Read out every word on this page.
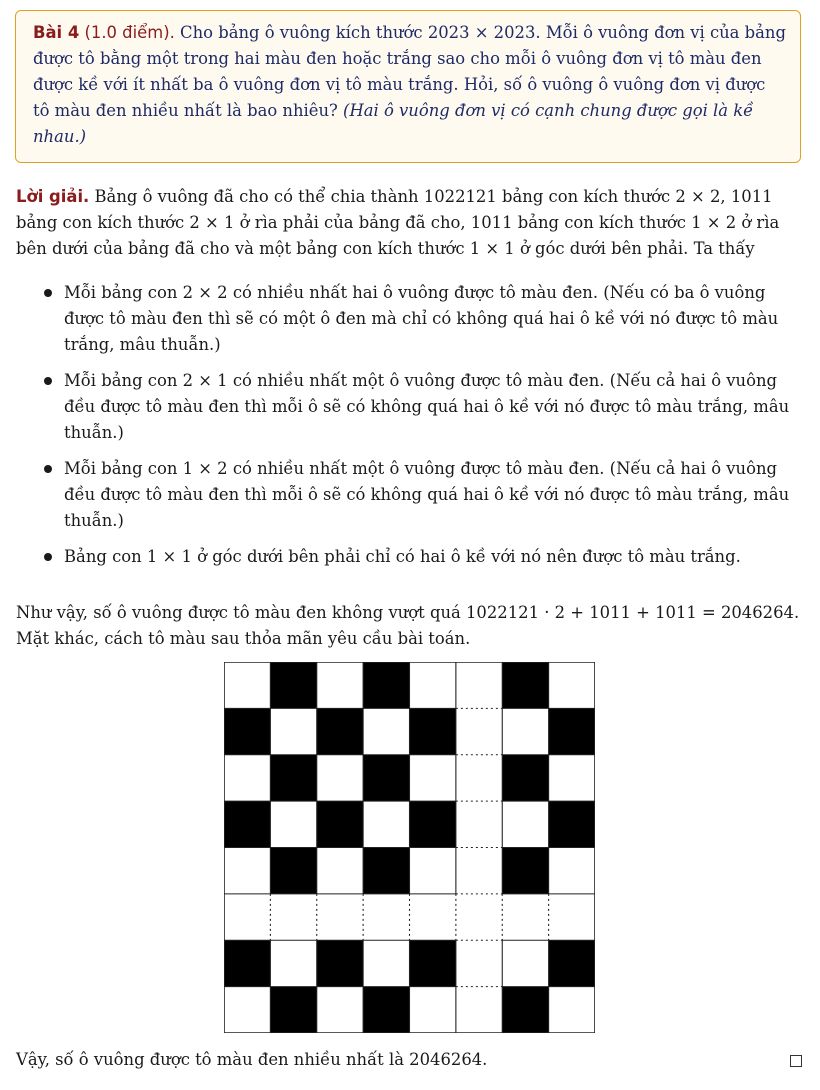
Bài 4 (1.0 điểm). Cho bảng ô vuông kích thước 2023 × 2023. Mỗi ô vuông đơn vị của bảng được tô bằng một trong hai màu đen hoặc trắng sao cho mỗi ô vuông đơn vị tô màu đen được kề với ít nhất ba ô vuông đơn vị tô màu trắng. Hỏi, số ô vuông ô vuông đơn vị được tô màu đen nhiều nhất là bao nhiêu? (Hai ô vuông đơn vị có cạnh chung được gọi là kề nhau.)
Lời giải. Bảng ô vuông đã cho có thể chia thành 1022121 bảng con kích thước 2 × 2, 1011 bảng con kích thước 2 × 1 ở rìa phải của bảng đã cho, 1011 bảng con kích thước 1 × 2 ở rìa bên dưới của bảng đã cho và một bảng con kích thước 1 × 1 ở góc dưới bên phải. Ta thấy
Mỗi bảng con 2 × 2 có nhiều nhất hai ô vuông được tô màu đen. (Nếu có ba ô vuông được tô màu đen thì sẽ có một ô đen mà chỉ có không quá hai ô kề với nó được tô màu trắng, mâu thuẫn.)
Mỗi bảng con 2 × 1 có nhiều nhất một ô vuông được tô màu đen. (Nếu cả hai ô vuông đều được tô màu đen thì mỗi ô sẽ có không quá hai ô kề với nó được tô màu trắng, mâu thuẫn.)
Mỗi bảng con 1 × 2 có nhiều nhất một ô vuông được tô màu đen. (Nếu cả hai ô vuông đều được tô màu đen thì mỗi ô sẽ có không quá hai ô kề với nó được tô màu trắng, mâu thuẫn.)
Bảng con 1 × 1 ở góc dưới bên phải chỉ có hai ô kề với nó nên được tô màu trắng.
Như vậy, số ô vuông được tô màu đen không vượt quá 1022121 · 2 + 1011 + 1011 = 2046264.
Mặt khác, cách tô màu sau thỏa mãn yêu cầu bài toán.
Vậy, số ô vuông được tô màu đen nhiều nhất là 2046264.
